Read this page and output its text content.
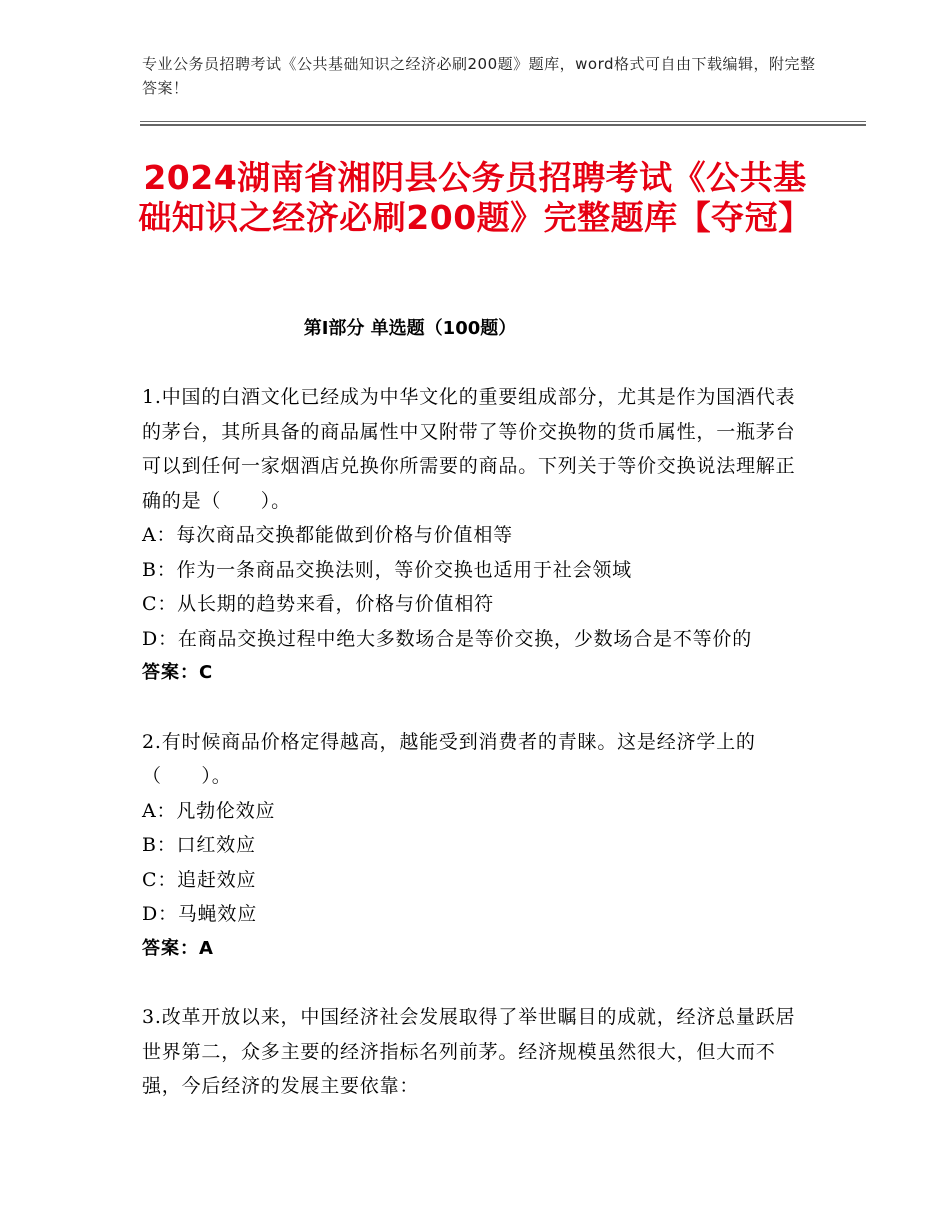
专业公务员招聘考试《公共基础知识之经济必刷200题》题库，word格式可自由下载编辑，附完整答案！
2024湖南省湘阴县公务员招聘考试《公共基础知识之经济必刷200题》完整题库【夺冠】
第I部分 单选题（100题）

1.中国的白酒文化已经成为中华文化的重要组成部分，尤其是作为国酒代表的茅台，其所具备的商品属性中又附带了等价交换物的货币属性，一瓶茅台可以到任何一家烟酒店兑换你所需要的商品。下列关于等价交换说法理解正确的是（　　）。

A：每次商品交换都能做到价格与价值相等

B：作为一条商品交换法则，等价交换也适用于社会领域

C：从长期的趋势来看，价格与价值相符

D：在商品交换过程中绝大多数场合是等价交换，少数场合是不等价的

答案：C

2.有时候商品价格定得越高，越能受到消费者的青睐。这是经济学上的（　　）。

A：凡勃伦效应

B：口红效应

C：追赶效应

D：马蝇效应

答案：A

3.改革开放以来，中国经济社会发展取得了举世瞩目的成就，经济总量跃居世界第二，众多主要的经济指标名列前茅。经济规模虽然很大，但大而不强，今后经济的发展主要依靠：
